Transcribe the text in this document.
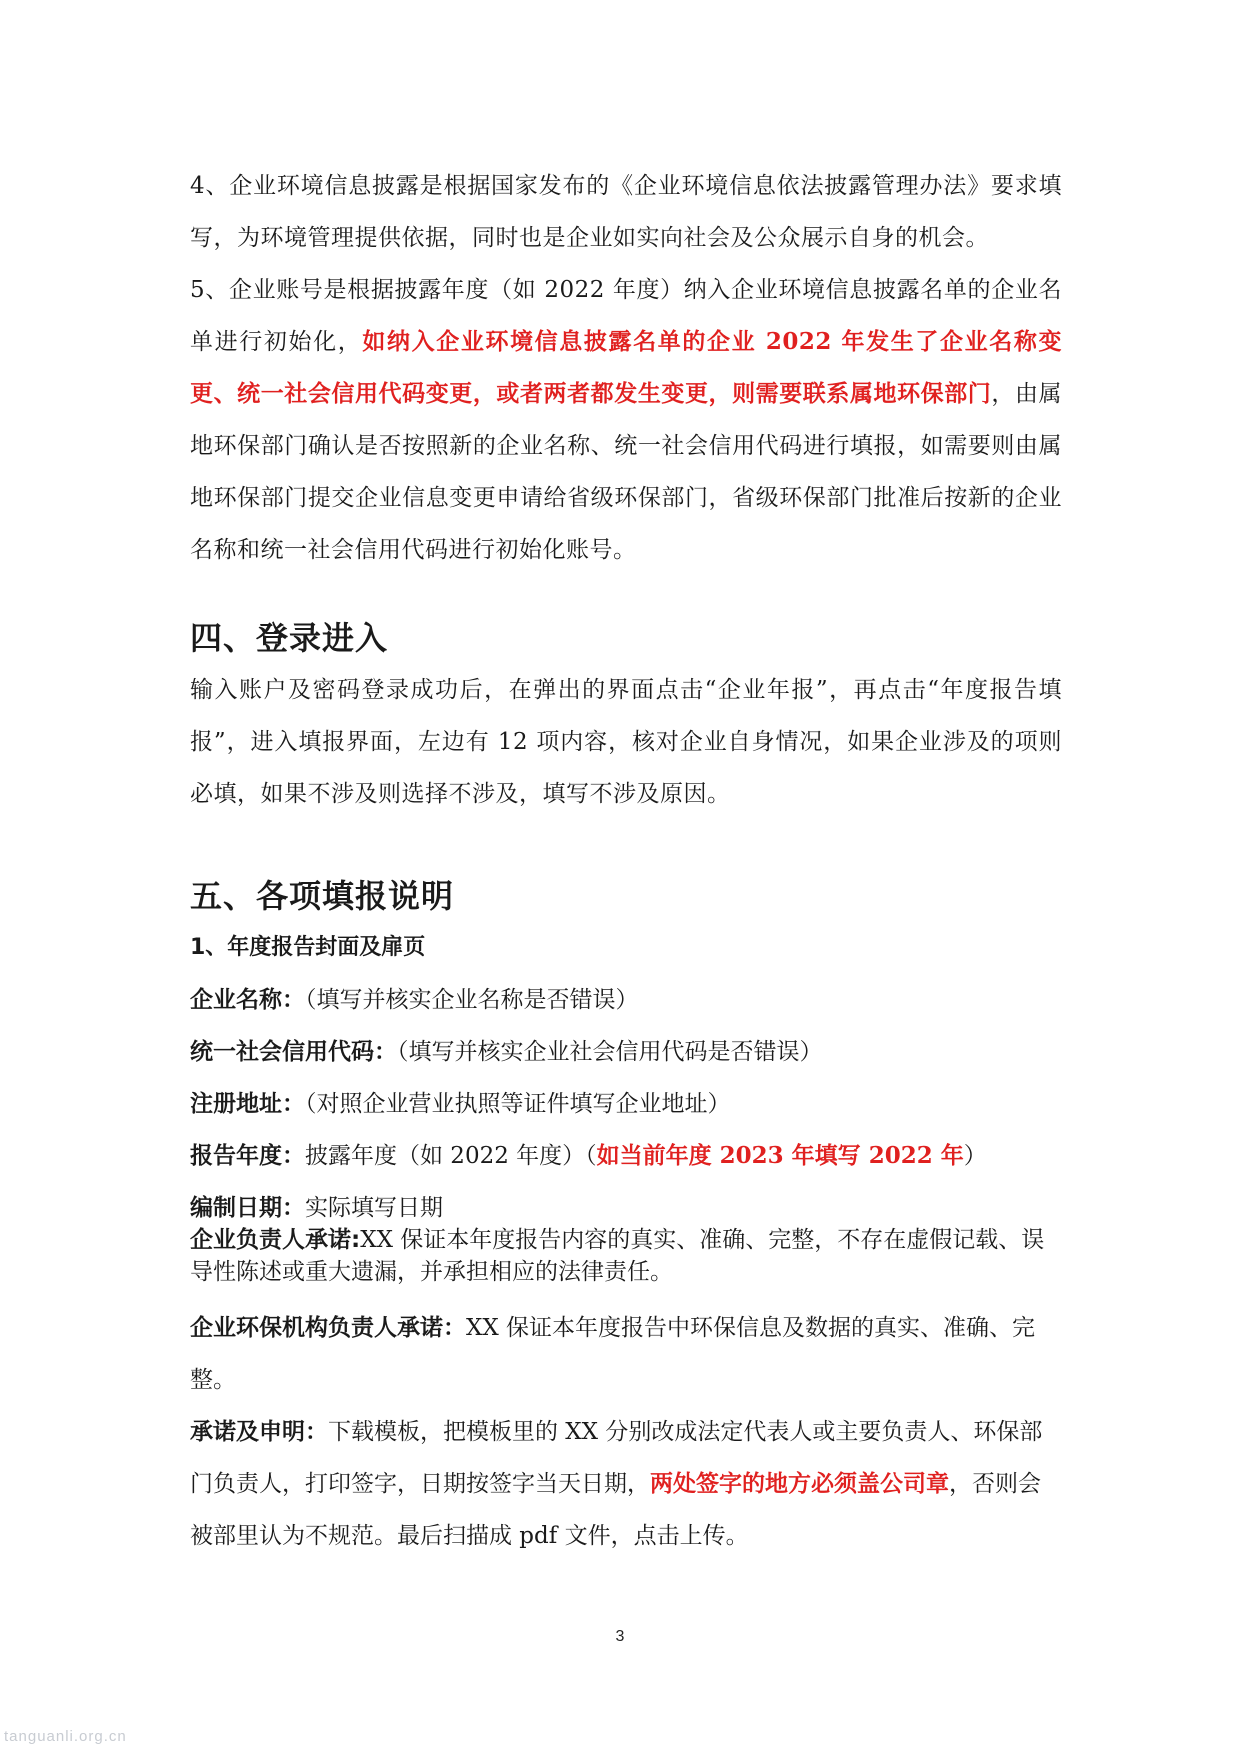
4、企业环境信息披露是根据国家发布的《企业环境信息依法披露管理办法》要求填写，为环境管理提供依据，同时也是企业如实向社会及公众展示自身的机会。

5、企业账号是根据披露年度（如 2022 年度）纳入企业环境信息披露名单的企业名单进行初始化，如纳入企业环境信息披露名单的企业 2022 年发生了企业名称变更、统一社会信用代码变更，或者两者都发生变更，则需要联系属地环保部门，由属地环保部门确认是否按照新的企业名称、统一社会信用代码进行填报，如需要则由属地环保部门提交企业信息变更申请给省级环保部门，省级环保部门批准后按新的企业名称和统一社会信用代码进行初始化账号。

四、登录进入

输入账户及密码登录成功后，在弹出的界面点击“企业年报”，再点击“年度报告填报”，进入填报界面，左边有 12 项内容，核对企业自身情况，如果企业涉及的项则必填，如果不涉及则选择不涉及，填写不涉及原因。

五、各项填报说明

1、年度报告封面及扉页

企业名称：（填写并核实企业名称是否错误）

统一社会信用代码：（填写并核实企业社会信用代码是否错误）

注册地址：（对照企业营业执照等证件填写企业地址）

报告年度：披露年度（如 2022 年度）（如当前年度 2023 年填写 2022 年）

编制日期：实际填写日期

企业负责人承诺:XX 保证本年度报告内容的真实、准确、完整，不存在虚假记载、误导性陈述或重大遗漏，并承担相应的法律责任。

企业环保机构负责人承诺：XX 保证本年度报告中环保信息及数据的真实、准确、完整。

承诺及申明：下载模板，把模板里的 XX 分别改成法定代表人或主要负责人、环保部门负责人，打印签字，日期按签字当天日期，两处签字的地方必须盖公司章，否则会被部里认为不规范。最后扫描成 pdf 文件，点击上传。

3
tanguanli.org.cn
